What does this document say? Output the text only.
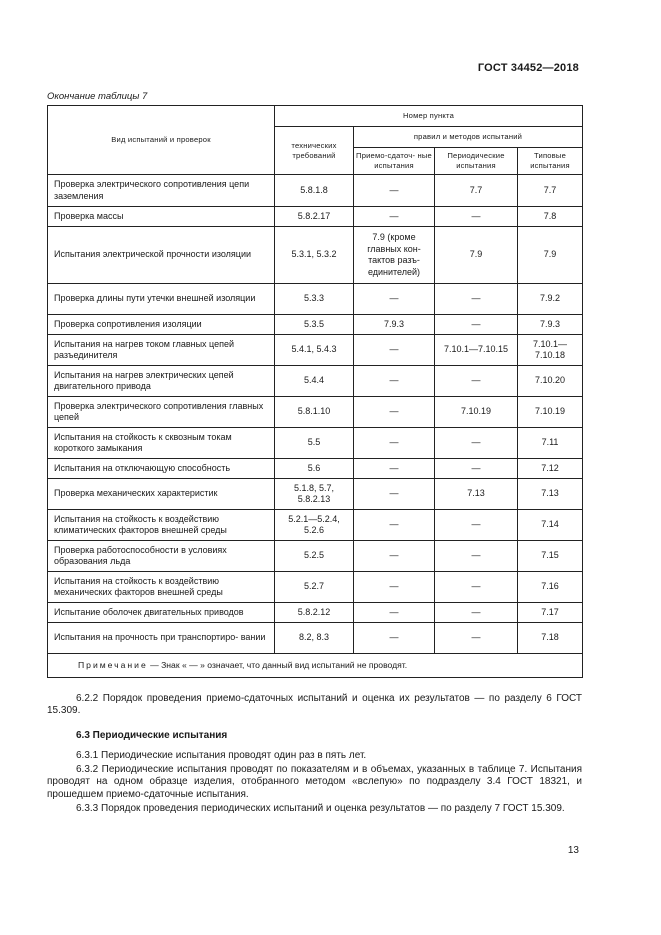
ГОСТ 34452—2018
Окончание таблицы 7
Вид испытаний и проверок	Номер пункта			
	технических требований	правил и методов испытаний		
		Приемо-сдаточ- ные испытания	Периодические испытания	Типовые испытания
Проверка электрического сопротивления цепи заземления	5.8.1.8	—	7.7	7.7
Проверка массы	5.8.2.17	—	—	7.8
Испытания электрической прочности изоляции	5.3.1, 5.3.2	7.9 (кроме главных кон- тактов разъ- единителей)	7.9	7.9
Проверка длины пути утечки внешней изоляции	5.3.3	—	—	7.9.2
Проверка сопротивления изоляции	5.3.5	7.9.3	—	7.9.3
Испытания на нагрев током главных цепей разъединителя	5.4.1, 5.4.3	—	7.10.1—7.10.15	7.10.1— 7.10.18
Испытания на нагрев электрических цепей двигательного привода	5.4.4	—	—	7.10.20
Проверка электрического сопротивления главных цепей	5.8.1.10	—	7.10.19	7.10.19
Испытания на стойкость к сквозным токам короткого замыкания	5.5	—	—	7.11
Испытания на отключающую способность	5.6	—	—	7.12
Проверка механических характеристик	5.1.8, 5.7, 5.8.2.13	—	7.13	7.13
Испытания на стойкость к воздействию климатических факторов внешней среды	5.2.1—5.2.4, 5.2.6	—	—	7.14
Проверка работоспособности в условиях образования льда	5.2.5	—	—	7.15
Испытания на стойкость к воздействию механических факторов внешней среды	5.2.7	—	—	7.16
Испытание оболочек двигательных приводов	5.8.2.12	—	—	7.17
Испытания на прочность при транспортиро- вании	8.2, 8.3	—	—	7.18
Примечание — Знак « — » означает, что данный вид испытаний не проводят.				
6.2.2 Порядок проведения приемо-сдаточных испытаний и оценка их результатов — по разделу 6 ГОСТ 15.309.
6.3 Периодические испытания
6.3.1 Периодические испытания проводят один раз в пять лет.
6.3.2 Периодические испытания проводят по показателям и в объемах, указанных в таблице 7. Испытания проводят на одном образце изделия, отобранного методом «вслепую» по подразделу 3.4 ГОСТ 18321, и прошедшем приемо-сдаточные испытания.
6.3.3 Порядок проведения периодических испытаний и оценка результатов — по разделу 7 ГОСТ 15.309.
13
